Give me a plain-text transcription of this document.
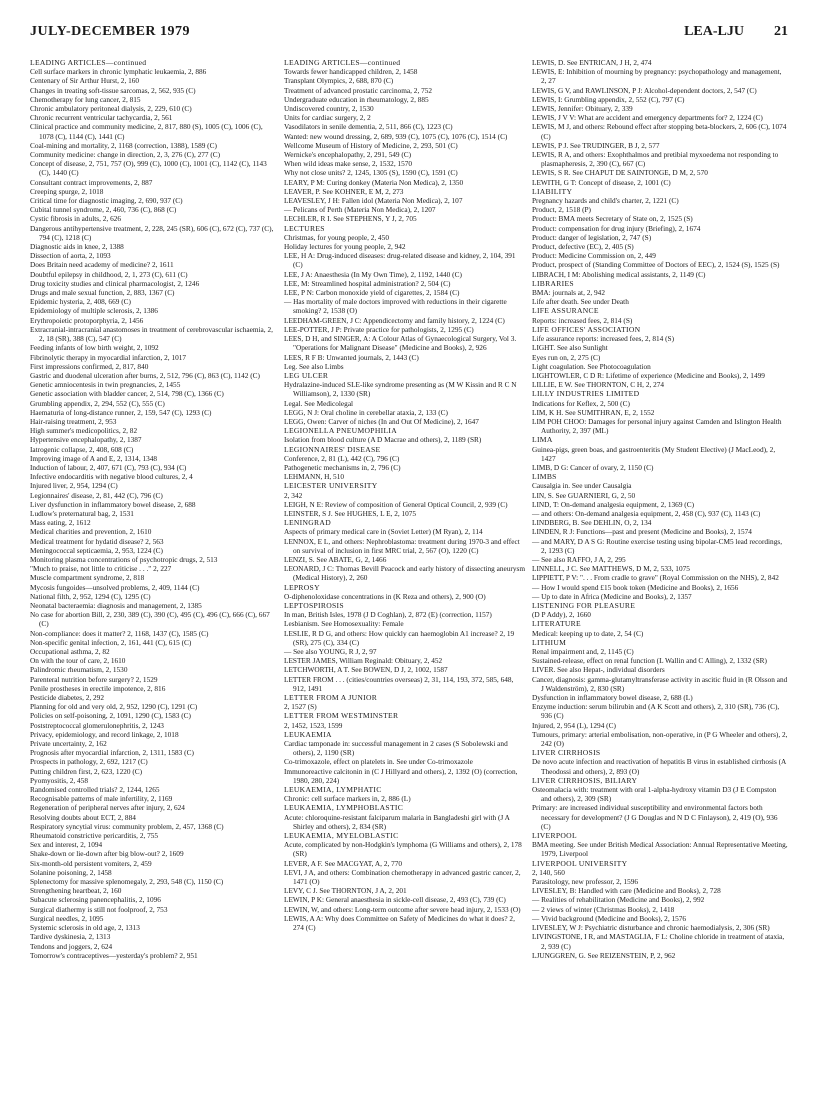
JULY-DECEMBER 1979	LEA-LJU 21

LEADING ARTICLES—continued

Cell surface markers in chronic lymphatic leukaemia, 2, 886

Centenary of Sir Arthur Hurst, 2, 160

Changes in treating soft-tissue sarcomas, 2, 562, 935 (C)

Chemotherapy for lung cancer, 2, 815

Chronic ambulatory peritoneal dialysis, 2, 229, 610 (C)

Chronic recurrent ventricular tachycardia, 2, 561

Clinical practice and community medicine, 2, 817, 880 (S), 1005 (C), 1006 (C), 1078 (C), 1144 (C), 1441 (C)

Coal-mining and mortality, 2, 1168 (correction, 1388), 1589 (C)

Community medicine: change in direction, 2, 3, 276 (C), 277 (C)

Concept of disease, 2, 751, 757 (O), 999 (C), 1000 (C), 1001 (C), 1142 (C), 1143 (C), 1440 (C)

Consultant contract improvements, 2, 887

Creeping spurge, 2, 1018

Critical time for diagnostic imaging, 2, 690, 937 (C)

Cubital tunnel syndrome, 2, 460, 736 (C), 868 (C)

Cystic fibrosis in adults, 2, 626

Dangerous antihypertensive treatment, 2, 228, 245 (SR), 606 (C), 672 (C), 737 (C), 794 (C), 1218 (C)

Diagnostic aids in knee, 2, 1388

Dissection of aorta, 2, 1093

Does Britain need academy of medicine? 2, 1611

Doubtful epilepsy in childhood, 2, 1, 273 (C), 611 (C)

Drug toxicity studies and clinical pharmacologist, 2, 1246

Drugs and male sexual function, 2, 883, 1367 (C)

Epidemic hysteria, 2, 408, 669 (C)

Epidemiology of multiple sclerosis, 2, 1386

Erythropoietic protoporphyria, 2, 1456

Extracranial-intracranial anastomoses in treatment of cerebrovascular ischaemia, 2, 2, 18 (SR), 388 (C), 547 (C)

Feeding infants of low birth weight, 2, 1092

Fibrinolytic therapy in myocardial infarction, 2, 1017

First impressions confirmed, 2, 817, 840

Gastric and duodenal ulceration after burns, 2, 512, 796 (C), 863 (C), 1142 (C)

Genetic amniocentesis in twin pregnancies, 2, 1455

Genetic association with bladder cancer, 2, 514, 798 (C), 1366 (C)

Grumbling appendix, 2, 294, 552 (C), 555 (C)

Haematuria of long-distance runner, 2, 159, 547 (C), 1293 (C)

Hair-raising treatment, 2, 953

High summer's medicopolitics, 2, 82

Hypertensive encephalopathy, 2, 1387

Iatrogenic collapse, 2, 408, 608 (C)

Improving image of A and E, 2, 1314, 1348

Induction of labour, 2, 407, 671 (C), 793 (C), 934 (C)

Infective endocarditis with negative blood cultures, 2, 4

Injured liver, 2, 954, 1294 (C)

Legionnaires' disease, 2, 81, 442 (C), 796 (C)

Liver dysfunction in inflammatory bowel disease, 2, 688

Ludlow's preternatural bag, 2, 1531

Mass eating, 2, 1612

Medical charities and prevention, 2, 1610

Medical treatment for hydatid disease? 2, 563

Meningococcal septicaemia, 2, 953, 1224 (C)

Monitoring plasma concentrations of psychotropic drugs, 2, 513

"Much to praise, not little to criticise . . ." 2, 227

Muscle compartment syndrome, 2, 818

Mycosis fungoides—unsolved problems, 2, 409, 1144 (C)

National filth, 2, 952, 1294 (C), 1295 (C)

Neonatal bacteraemia: diagnosis and management, 2, 1385

No case for abortion Bill, 2, 230, 389 (C), 390 (C), 495 (C), 496 (C), 666 (C), 667 (C)

Non-compliance: does it matter? 2, 1168, 1437 (C), 1585 (C)

Non-specific genital infection, 2, 161, 441 (C), 615 (C)

Occupational asthma, 2, 82

On with the tour of care, 2, 1610

Palindromic rheumatism, 2, 1530

Parenteral nutrition before surgery? 2, 1529

Penile prostheses in erectile impotence, 2, 816

Pesticide diabetes, 2, 292

Planning for old and very old, 2, 952, 1290 (C), 1291 (C)

Policies on self-poisoning, 2, 1091, 1290 (C), 1583 (C)

Poststreptococcal glomerulonephritis, 2, 1243

Privacy, epidemiology, and record linkage, 2, 1018

Private uncertainty, 2, 162

Prognosis after myocardial infarction, 2, 1311, 1583 (C)

Prospects in pathology, 2, 692, 1217 (C)

Putting children first, 2, 623, 1220 (C)

Pyomyositis, 2, 458

Randomised controlled trials? 2, 1244, 1265

Recognisable patterns of male infertility, 2, 1169

Regeneration of peripheral nerves after injury, 2, 624

Resolving doubts about ECT, 2, 884

Respiratory syncytial virus: community problem, 2, 457, 1368 (C)

Rheumatoid constrictive pericarditis, 2, 755

Sex and interest, 2, 1094

Shake-down or lie-down after big blow-out? 2, 1609

Six-month-old persistent vomiters, 2, 459

Solanine poisoning, 2, 1458

Splenectomy for massive splenomegaly, 2, 293, 548 (C), 1150 (C)

Strengthening heartbeat, 2, 160

Subacute sclerosing panencephalitis, 2, 1096

Surgical diathermy is still not foolproof, 2, 753

Surgical needles, 2, 1095

Systemic sclerosis in old age, 2, 1313

Tardive dyskinesia, 2, 1313

Tendons and joggers, 2, 624

Tomorrow's contraceptives—yesterday's problem? 2, 951

LEADING ARTICLES—continued

Towards fewer handicapped children, 2, 1458

Transplant Olympics, 2, 688, 870 (C)

Treatment of advanced prostatic carcinoma, 2, 752

Undergraduate education in rheumatology, 2, 885

Undiscovered country, 2, 1530

Units for cardiac surgery, 2, 2

Vasodilators in senile dementia, 2, 511, 866 (C), 1223 (C)

Wanted: new wound dressing, 2, 689, 939 (C), 1075 (C), 1076 (C), 1514 (C)

Wellcome Museum of History of Medicine, 2, 293, 501 (C)

Wernicke's encephalopathy, 2, 291, 549 (C)

When wild ideas make sense, 2, 1532, 1570

Why not close units? 2, 1245, 1305 (S), 1590 (C), 1591 (C)

LEARY, P M: Curing donkey (Materia Non Medica), 2, 1350

LEAVER, P. See KOHNER, E M, 2, 273

LEAVESLEY, J H: Fallen idol (Materia Non Medica), 2, 107

— Pelicans of Perth (Materia Non Medica), 2, 1207

LECHLER, R I. See STEPHENS, Y J, 2, 705

LECTURES

Christmas, for young people, 2, 450

Holiday lectures for young people, 2, 942

LEE, H A: Drug-induced diseases: drug-related disease and kidney, 2, 104, 391 (C)

LEE, J A: Anaesthesia (In My Own Time), 2, 1192, 1440 (C)

LEE, M: Streamlined hospital administration? 2, 504 (C)

LEE, P N: Carbon monoxide yield of cigarettes, 2, 1584 (C)

— Has mortality of male doctors improved with reductions in their cigarette smoking? 2, 1538 (O)

LEEDHAM-GREEN, J C: Appendicectomy and family history, 2, 1224 (C)

LEE-POTTER, J P: Private practice for pathologists, 2, 1295 (C)

LEES, D H, and SINGER, A: A Colour Atlas of Gynaecological Surgery, Vol 3. "Operations for Malignant Disease" (Medicine and Books), 2, 926

LEES, R F B: Unwanted journals, 2, 1443 (C)

Leg. See also Limbs

LEG ULCER

Hydralazine-induced SLE-like syndrome presenting as (M W Kissin and R C N Williamson), 2, 1330 (SR)

Legal. See Medicolegal

LEGG, N J: Oral choline in cerebellar ataxia, 2, 133 (C)

LEGG, Owen: Carver of niches (In and Out Of Medicine), 2, 1647

LEGIONELLA PNEUMOPHILIA

Isolation from blood culture (A D Macrae and others), 2, 1189 (SR)

LEGIONNAIRES' DISEASE

Conference, 2, 81 (L), 442 (C), 796 (C)

Pathogenetic mechanisms in, 2, 796 (C)

LEHMANN, H, 510

LEICESTER UNIVERSITY

2, 342

LEIGH, N E: Review of composition of General Optical Council, 2, 939 (C)

LEINSTER, S J. See HUGHES, L E, 2, 1075

LENINGRAD

Aspects of primary medical care in (Soviet Letter) (M Ryan), 2, 114

LENNOX, E L, and others: Nephroblastoma: treatment during 1970-3 and effect on survival of inclusion in first MRC trial, 2, 567 (O), 1220 (C)

LENZI, S. See ABATE, G, 2, 1466

LEONARD, J C: Thomas Bevill Peacock and early history of dissecting aneurysm (Medical History), 2, 260

LEPROSY

O-diphenoloxidase concentrations in (K Reza and others), 2, 900 (O)

LEPTOSPIROSIS

In man, British Isles, 1978 (J D Coghlan), 2, 872 (E) (correction, 1157)

Lesbianism. See Homosexuality: Female

LESLIE, R D G, and others: How quickly can haemoglobin A1 increase? 2, 19 (SR), 275 (C), 334 (C)

— See also YOUNG, R J, 2, 97

LESTER JAMES, William Reginald: Obituary, 2, 452

LETCHWORTH, A T. See BOWEN, D J, 2, 1002, 1587

LETTER FROM . . . (cities/countries overseas) 2, 31, 114, 193, 372, 585, 648, 912, 1491

LETTER FROM A JUNIOR

2, 1527 (S)

LETTER FROM WESTMINSTER

2, 1452, 1523, 1599

LEUKAEMIA

Cardiac tamponade in: successful management in 2 cases (S Sobolewski and others), 2, 1190 (SR)

Co-trimoxazole, effect on platelets in. See under Co-trimoxazole

Immunoreactive calcitonin in (C J Hillyard and others), 2, 1392 (O) (correction, 1980, 280, 224)

LEUKAEMIA, LYMPHATIC

Chronic: cell surface markers in, 2, 886 (L)

LEUKAEMIA, LYMPHOBLASTIC

Acute: chloroquine-resistant falciparum malaria in Bangladeshi girl with (J A Shirley and others), 2, 834 (SR)

LEUKAEMIA, MYELOBLASTIC

Acute, complicated by non-Hodgkin's lymphoma (G Williams and others), 2, 178 (SR)

LEVER, A F. See MACGYAT, A, 2, 770

LEVI, J A, and others: Combination chemotherapy in advanced gastric cancer, 2, 1471 (O)

LEVY, C J. See THORNTON, J A, 2, 201

LEWIN, P K: General anaesthesia in sickle-cell disease, 2, 493 (C), 739 (C)

LEWIN, W, and others: Long-term outcome after severe head injury, 2, 1533 (O)

LEWIS, A A: Why does Committee on Safety of Medicines do what it does? 2, 274 (C)

LEWIS, D. See ENTRICAN, J H, 2, 474

LEWIS, E: Inhibition of mourning by pregnancy: psychopathology and management, 2, 27

LEWIS, G V, and RAWLINSON, P J: Alcohol-dependent doctors, 2, 547 (C)

LEWIS, I: Grumbling appendix, 2, 552 (C), 797 (C)

LEWIS, Jennifer: Obituary, 2, 339

LEWIS, J V V: What are accident and emergency departments for? 2, 1224 (C)

LEWIS, M J, and others: Rebound effect after stopping beta-blockers, 2, 606 (C), 1074 (C)

LEWIS, P J. See TRUDINGER, B J, 2, 577

LEWIS, R A, and others: Exophthalmos and pretibial myxoedema not responding to plasmapheresis, 2, 390 (C), 667 (C)

LEWIS, S R. See CHAPUT DE SAINTONGE, D M, 2, 570

LEWITH, G T: Concept of disease, 2, 1001 (C)

LIABILITY

Pregnancy hazards and child's charter, 2, 1221 (C)

Product, 2, 1518 (P)

Product: BMA meets Secretary of State on, 2, 1525 (S)

Product: compensation for drug injury (Briefing), 2, 1674

Product: danger of legislation, 2, 747 (S)

Product, defective (EC), 2, 405 (S)

Product: Medicine Commission on, 2, 449

Product, prospect of (Standing Committee of Doctors of EEC), 2, 1524 (S), 1525 (S)

LIBRACH, I M: Abolishing medical assistants, 2, 1149 (C)

LIBRARIES

BMA: journals at, 2, 942

Life after death. See under Death

LIFE ASSURANCE

Reports: increased fees, 2, 814 (S)

LIFE OFFICES' ASSOCIATION

Life assurance reports: increased fees, 2, 814 (S)

LIGHT. See also Sunlight

Eyes run on, 2, 275 (C)

Light coagulation. See Photocoagulation

LIGHTOWLER, C D R: Lifetime of experience (Medicine and Books), 2, 1499

LILLIE, E W. See THORNTON, C H, 2, 274

LILLY INDUSTRIES LIMITED

Indications for Keflex, 2, 500 (C)

LIM, K H. See SUMITHRAN, E, 2, 1552

LIM POH CHOO: Damages for personal injury against Camden and Islington Health Authority, 2, 397 (ML)

LIMA

Guinea-pigs, green boas, and gastroenteritis (My Student Elective) (J MacLeod), 2, 1427

LIMB, D G: Cancer of ovary, 2, 1150 (C)

LIMBS

Causalgia in. See under Causalgia

LIN, S. See GUARNIERI, G, 2, 50

LIND, T: On-demand analgesia equipment, 2, 1369 (C)

— and others: On-demand analgesia equipment, 2, 458 (C), 937 (C), 1143 (C)

LINDBERG, B. See DEHLIN, O, 2, 134

LINDEN, R J: Functions—past and present (Medicine and Books), 2, 1574

— and MARY, D A S G: Routine exercise testing using bipolar-CM5 lead recordings, 2, 1293 (C)

— See also RAFFO, J A, 2, 295

LINNELL, J C. See MATTHEWS, D M, 2, 533, 1075

LIPPIETT, P V: ". . . From cradle to grave" (Royal Commission on the NHS), 2, 842

— How I would spend £15 book token (Medicine and Books), 2, 1656

— Up to date in Africa (Medicine and Books), 2, 1357

LISTENING FOR PLEASURE

(D P Addy), 2, 1660

LITERATURE

Medical: keeping up to date, 2, 54 (C)

LITHIUM

Renal impairment and, 2, 1145 (C)

Sustained-release, effect on renal function (L Wallin and C Alling), 2, 1332 (SR)

LIVER. See also Hepat-, individual disorders

Cancer, diagnosis: gamma-glutamyltransferase activity in ascitic fluid in (R Olsson and J Waldenström), 2, 830 (SR)

Dysfunction in inflammatory bowel disease, 2, 688 (L)

Enzyme induction: serum bilirubin and (A K Scott and others), 2, 310 (SR), 736 (C), 936 (C)

Injured, 2, 954 (L), 1294 (C)

Tumours, primary: arterial embolisation, non-operative, in (P G Wheeler and others), 2, 242 (O)

LIVER CIRRHOSIS

De novo acute infection and reactivation of hepatitis B virus in established cirrhosis (A Theodossi and others), 2, 893 (O)

LIVER CIRRHOSIS, BILIARY

Osteomalacia with: treatment with oral 1-alpha-hydroxy vitamin D3 (J E Compston and others), 2, 309 (SR)

Primary: are increased individual susceptibility and environmental factors both necessary for development? (J G Douglas and N D C Finlayson), 2, 419 (O), 936 (C)

LIVERPOOL

BMA meeting. See under British Medical Association: Annual Representative Meeting, 1979, Liverpool

LIVERPOOL UNIVERSITY

2, 140, 560

Parasitology, new professor, 2, 1596

LIVESLEY, B: Handled with care (Medicine and Books), 2, 728

— Realities of rehabilitation (Medicine and Books), 2, 992

— 2 views of winter (Christmas Books), 2, 1418

— Vivid background (Medicine and Books), 2, 1576

LIVESLEY, W J: Psychiatric disturbance and chronic haemodialysis, 2, 306 (SR)

LIVINGSTONE, I R, and MASTAGLIA, F L: Choline chloride in treatment of ataxia, 2, 939 (C)

LJUNGGREN, G. See REIZENSTEIN, P, 2, 962
